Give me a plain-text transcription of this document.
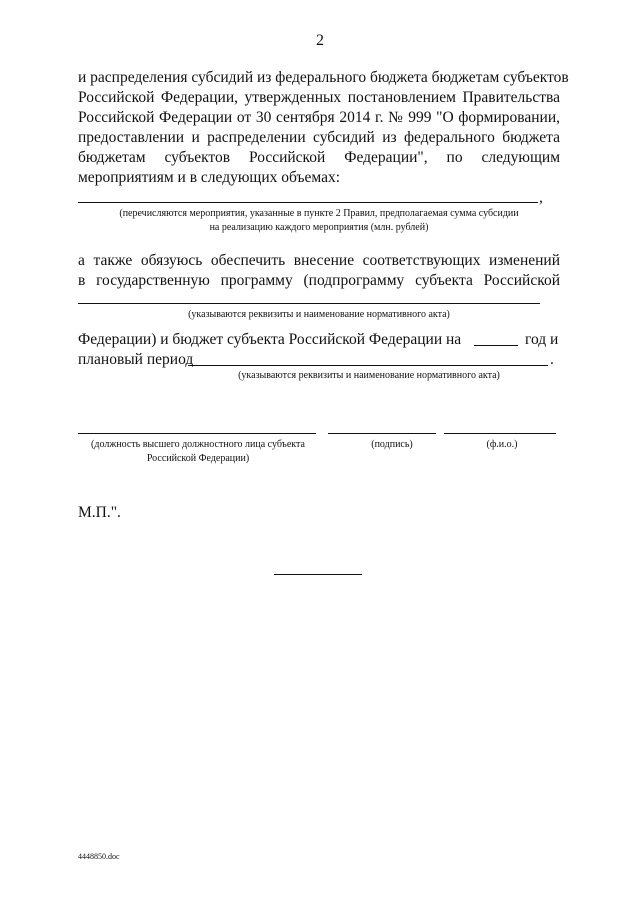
2
и распределения субсидий из федерального бюджета бюджетам субъектов
Российской Федерации, утвержденных постановлением Правительства
Российской Федерации от 30 сентября 2014 г. № 999 "О формировании,
предоставлении и распределении субсидий из федерального бюджета
бюджетам субъектов Российской Федерации", по следующим
мероприятиям и в следующих объемах:
,
(перечисляются мероприятия, указанные в пункте 2 Правил, предполагаемая сумма субсидии
на реализацию каждого мероприятия (млн. рублей)
а также обязуюсь обеспечить внесение соответствующих изменений
в государственную программу (подпрограмму субъекта Российской
(указываются реквизиты и наименование нормативного акта)
Федерации) и бюджет субъекта Российской Федерации на	год и
плановый период	.
(указываются реквизиты и наименование нормативного акта)
(должность высшего должностного лица субъекта
Российской Федерации)
(подпись)	(ф.и.о.)
М.П.".
4448850.doc
